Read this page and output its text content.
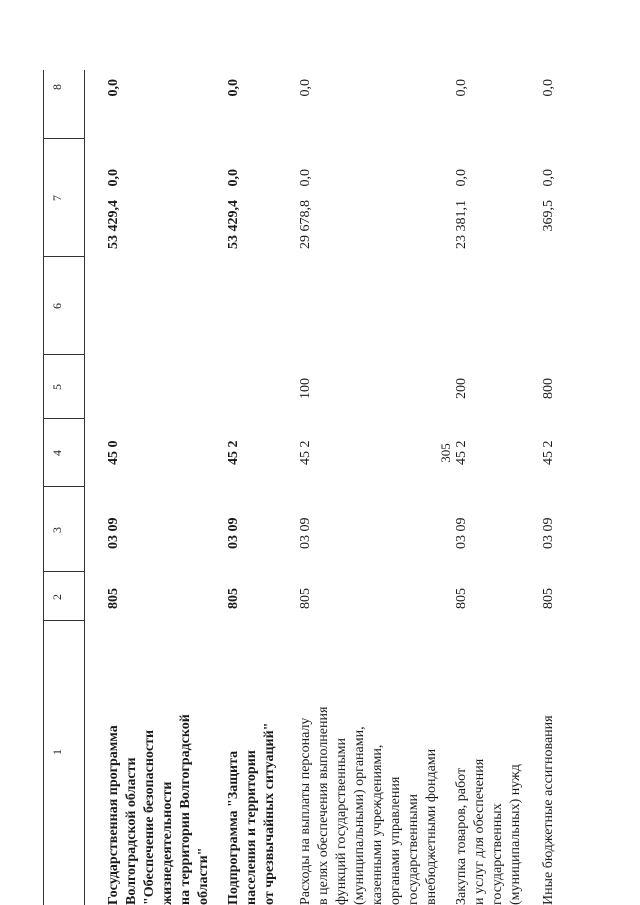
305
1
2
3
4
5
6
7
8
Государственная программа Волгоградской области "Обеспечение безопасности жизнедеятельности на территории Волгоградской области"
805
03 09
45 0
53 429,4
0,0
0,0
Подпрограмма "Защита населения и территории от чрезвычайных ситуаций"
805
03 09
45 2
53 429,4
0,0
0,0
Расходы на выплаты персоналу в целях обеспечения выполнения функций государственными (муниципальными) органами, казенными учреждениями, органами управления государственными внебюджетными фондами
805
03 09
45 2
100
29 678,8
0,0
0,0
Закупка товаров, работ и услуг для обеспечения государственных (муниципальных) нужд
805
03 09
45 2
200
23 381,1
0,0
0,0
Иные бюджетные ассигнования
805
03 09
45 2
800
369,5
0,0
0,0
